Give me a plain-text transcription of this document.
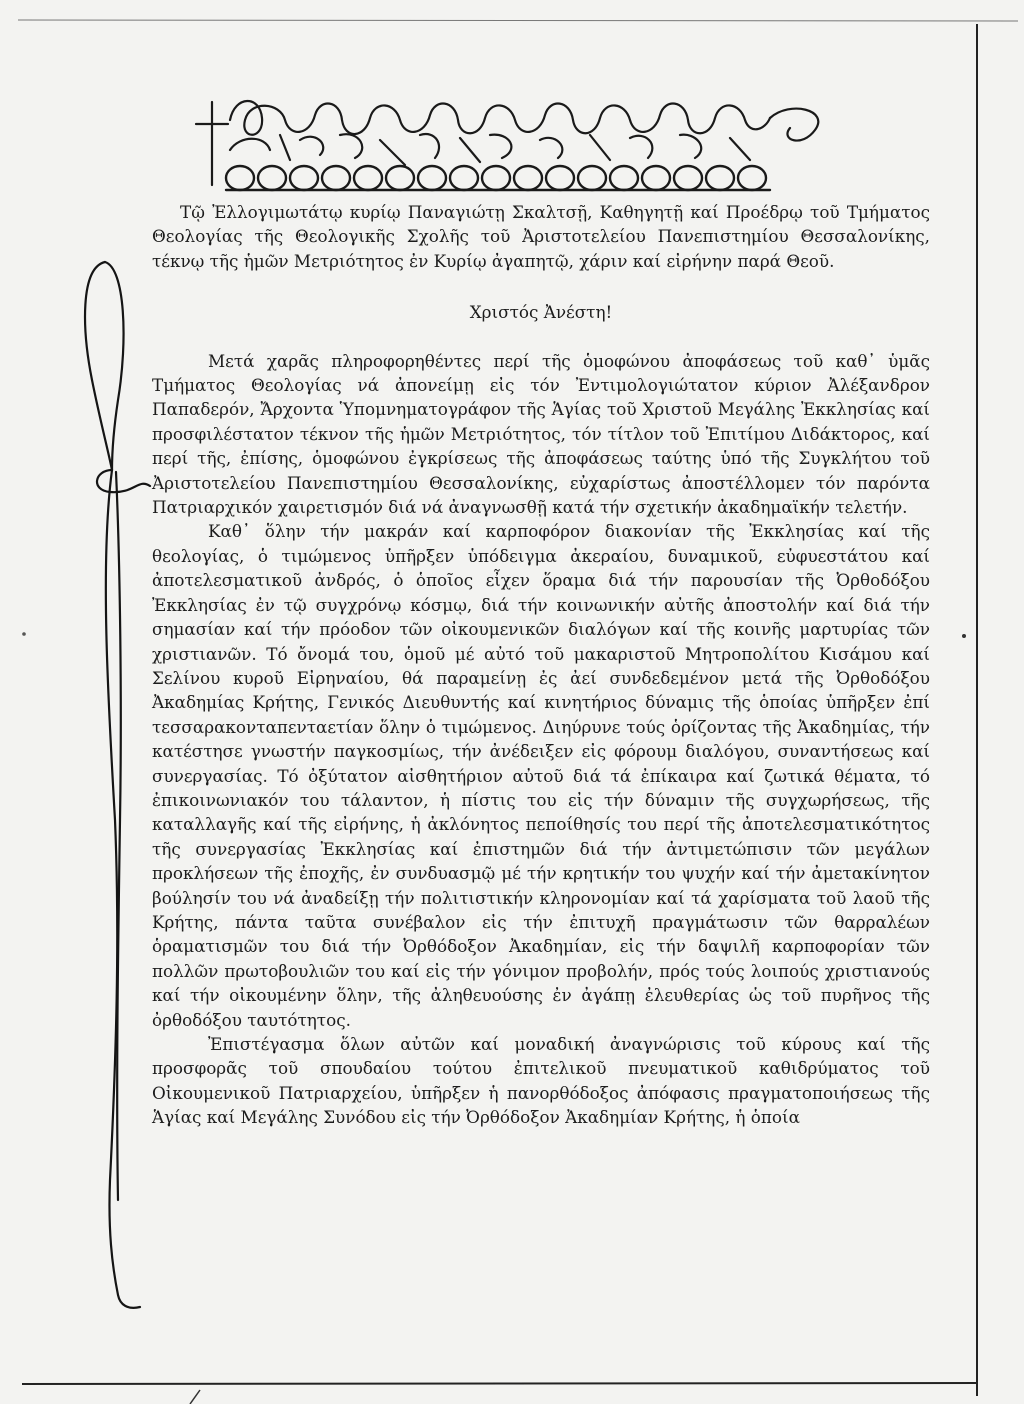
Τῷ Ἐλλογιμωτάτῳ κυρίῳ Παναγιώτῃ Σκαλτσῇ, Καθηγητῇ καί Προέδρῳ τοῦ Τμήματος Θεολογίας τῆς Θεολογικῆς Σχολῆς τοῦ Ἀριστοτελείου Πανεπιστημίου Θεσσαλονίκης, τέκνῳ τῆς ἡμῶν Μετριότητος ἐν Κυρίῳ ἀγαπητῷ, χάριν καί εἰρήνην παρά Θεοῦ.

Χριστός Ἀνέστη!

Μετά χαρᾶς πληροφορηθέντες περί τῆς ὁμοφώνου ἀποφάσεως τοῦ καθ᾽ ὑμᾶς Τμήματος Θεολογίας νά ἀπονείμῃ εἰς τόν Ἐντιμολογιώτατον κύριον Ἀλέξανδρον Παπαδερόν, Ἄρχοντα Ὑπομνηματογράφον τῆς Ἁγίας τοῦ Χριστοῦ Μεγάλης Ἐκκλησίας καί προσφιλέστατον τέκνον τῆς ἡμῶν Μετριότητος, τόν τίτλον τοῦ Ἐπιτίμου Διδάκτορος, καί περί τῆς, ἐπίσης, ὁμοφώνου ἐγκρίσεως τῆς ἀποφάσεως ταύτης ὑπό τῆς Συγκλήτου τοῦ Ἀριστοτελείου Πανεπιστημίου Θεσσαλονίκης, εὐχαρίστως ἀποστέλλομεν τόν παρόντα Πατριαρχικόν χαιρετισμόν διά νά ἀναγνωσθῇ κατά τήν σχετικήν ἀκαδημαϊκήν τελετήν.

Καθ᾽ ὅλην τήν μακράν καί καρποφόρον διακονίαν τῆς Ἐκκλησίας καί τῆς θεολογίας, ὁ τιμώμενος ὑπῆρξεν ὑπόδειγμα ἀκεραίου, δυναμικοῦ, εὐφυεστάτου καί ἀποτελεσματικοῦ ἀνδρός, ὁ ὁποῖος εἶχεν ὅραμα διά τήν παρουσίαν τῆς Ὀρθοδόξου Ἐκκλησίας ἐν τῷ συγχρόνῳ κόσμῳ, διά τήν κοινωνικήν αὐτῆς ἀποστολήν καί διά τήν σημασίαν καί τήν πρόοδον τῶν οἰκουμενικῶν διαλόγων καί τῆς κοινῆς μαρτυρίας τῶν χριστιανῶν. Τό ὄνομά του, ὁμοῦ μέ αὐτό τοῦ μακαριστοῦ Μητροπολίτου Κισάμου καί Σελίνου κυροῦ Εἰρηναίου, θά παραμείνῃ ἐς ἀεί συνδεδεμένον μετά τῆς Ὀρθοδόξου Ἀκαδημίας Κρήτης, Γενικός Διευθυντής καί κινητήριος δύναμις τῆς ὁποίας ὑπῆρξεν ἐπί τεσσαρακονταπενταετίαν ὅλην ὁ τιμώμενος. Διηύρυνε τούς ὁρίζοντας τῆς Ἀκαδημίας, τήν κατέστησε γνωστήν παγκοσμίως, τήν ἀνέδειξεν εἰς φόρουμ διαλόγου, συναντήσεως καί συνεργασίας. Τό ὀξύτατον αἰσθητήριον αὐτοῦ διά τά ἐπίκαιρα καί ζωτικά θέματα, τό ἐπικοινωνιακόν του τάλαντον, ἡ πίστις του εἰς τήν δύναμιν τῆς συγχωρήσεως, τῆς καταλλαγῆς καί τῆς εἰρήνης, ἡ ἀκλόνητος πεποίθησίς του περί τῆς ἀποτελεσματικότητος τῆς συνεργασίας Ἐκκλησίας καί ἐπιστημῶν διά τήν ἀντιμετώπισιν τῶν μεγάλων προκλήσεων τῆς ἐποχῆς, ἐν συνδυασμῷ μέ τήν κρητικήν του ψυχήν καί τήν ἀμετακίνητον βούλησίν του νά ἀναδείξῃ τήν πολιτιστικήν κληρονομίαν καί τά χαρίσματα τοῦ λαοῦ τῆς Κρήτης, πάντα ταῦτα συνέβαλον εἰς τήν ἐπιτυχῆ πραγμάτωσιν τῶν θαρραλέων ὁραματισμῶν του διά τήν Ὀρθόδοξον Ἀκαδημίαν, εἰς τήν δαψιλῆ καρποφορίαν τῶν πολλῶν πρωτοβουλιῶν του καί εἰς τήν γόνιμον προβολήν, πρός τούς λοιπούς χριστιανούς καί τήν οἰκουμένην ὅλην, τῆς ἀληθευούσης ἐν ἀγάπῃ ἐλευθερίας ὡς τοῦ πυρῆνος τῆς ὀρθοδόξου ταυτότητος.

Ἐπιστέγασμα ὅλων αὐτῶν καί μοναδική ἀναγνώρισις τοῦ κύρους καί τῆς προσφορᾶς τοῦ σπουδαίου τούτου ἐπιτελικοῦ πνευματικοῦ καθιδρύματος τοῦ Οἰκουμενικοῦ Πατριαρχείου, ὑπῆρξεν ἡ πανορθόδοξος ἀπόφασις πραγματοποιήσεως τῆς Ἁγίας καί Μεγάλης Συνόδου εἰς τήν Ὀρθόδοξον Ἀκαδημίαν Κρήτης, ἡ ὁποία
